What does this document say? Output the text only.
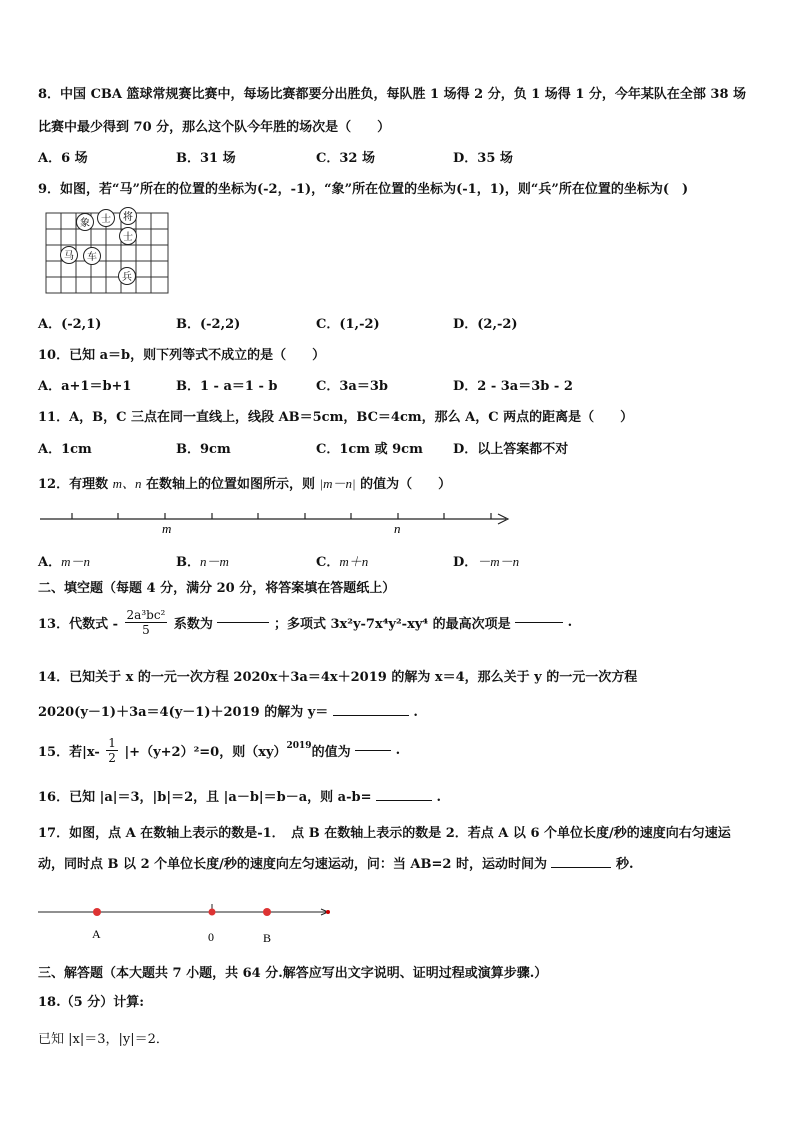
8．中国 CBA 篮球常规赛比赛中，每场比赛都要分出胜负，每队胜 1 场得 2 分，负 1 场得 1 分，今年某队在全部 38 场
比赛中最少得到 70 分，那么这个队今年胜的场次是（　　）
A．6 场	B．31 场	C．32 场	D．35 场
9．如图，若“马”所在的位置的坐标为(-2，-1)，“象”所在位置的坐标为(-1，1)，则“兵”所在位置的坐标为(　)
象 士 将
士
马 车
兵
A．(-2,1)	B．(-2,2)	C．(1,-2)	D．(2,-2)
10．已知 a＝b，则下列等式不成立的是（　　）
A．a+1＝b+1	B．1 - a＝1 - b	C．3a＝3b	D．2 - 3a＝3b - 2
11．A，B，C 三点在同一直线上，线段 AB＝5cm，BC＝4cm，那么 A，C 两点的距离是（　　）
A．1cm	B．9cm	C．1cm 或 9cm D．以上答案都不对
12．有理数 m、n 在数轴上的位置如图所示，则 |m－n| 的值为（　　）
m	n
A．m－n	B．n－m	C．m＋n	D．－m－n
二、填空题（每题 4 分，满分 20 分，将答案填在答题纸上）
13．代数式 - $\frac{\text{2a³bc²}}{5}$ 系数为	；多项式 3x²y-7x⁴y²-xy⁴ 的最高次项是	.
14．已知关于 x 的一元一次方程 2020x＋3a＝4x＋2019 的解为 x＝4，那么关于 y 的一元一次方程
2020(y－1)＋3a＝4(y－1)＋2019 的解为 y＝	.
15．若$|x- \frac{1}{2} |+(y+2)^2=0$，则（xy）$^{2019}$的值为	.
16．已知 |a|＝3，|b|＝2，且 |a－b|＝b－a，则 a-b=	.
17．如图，点 A 在数轴上表示的数是-1．　点 B 在数轴上表示的数是 2．若点 A 以 6 个单位长度/秒的速度向右匀速运
动，同时点 B 以 2 个单位长度/秒的速度向左匀速运动，问：当 AB=2 时，运动时间为	秒.
A	0	B
三、解答题（本大题共 7 小题，共 64 分.解答应写出文字说明、证明过程或演算步骤.）
18.（5 分）计算:
已知 |x|＝3，|y|＝2．
